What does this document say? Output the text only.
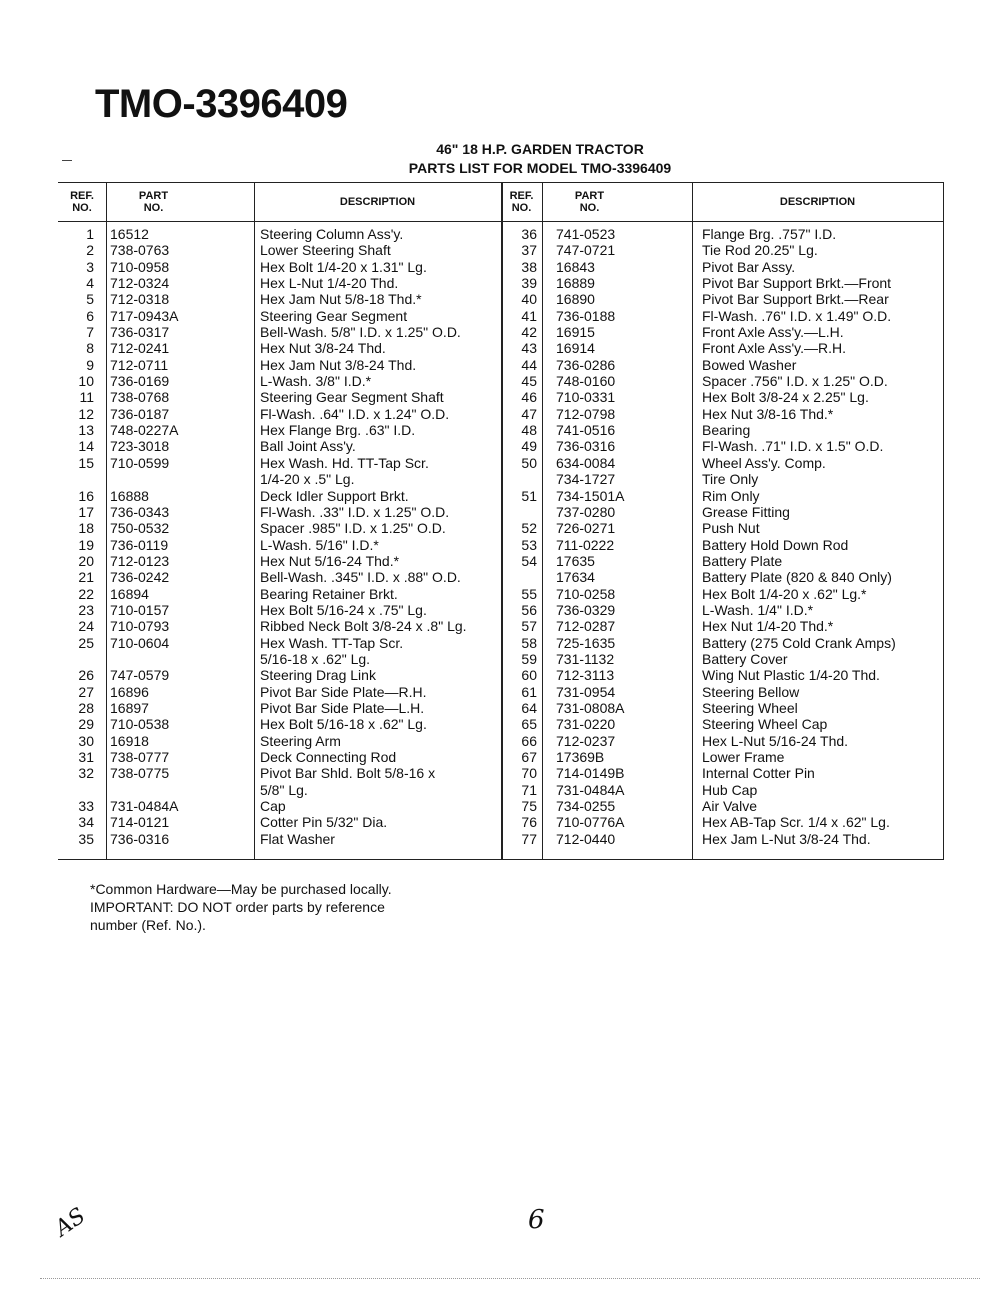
TMO-3396409
46" 18 H.P. GARDEN TRACTOR
PARTS LIST FOR MODEL TMO-3396409
REF.
NO.
PART
NO.	DESCRIPTION	REF.
NO.
PART
NO.	DESCRIPTION
1 16512	Steering Column Ass'y.
2 738-0763	Lower Steering Shaft
3 710-0958	Hex Bolt 1/4-20 x 1.31" Lg.
4 712-0324	Hex L-Nut 1/4-20 Thd.
5 712-0318	Hex Jam Nut 5/8-18 Thd.*
6 717-0943A	Steering Gear Segment
7 736-0317	Bell-Wash. 5/8" I.D. x 1.25" O.D.
8 712-0241	Hex Nut 3/8-24 Thd.
9 712-0711	Hex Jam Nut 3/8-24 Thd.
10 736-0169	L-Wash. 3/8" I.D.*
11 738-0768	Steering Gear Segment Shaft
12 736-0187	Fl-Wash. .64" I.D. x 1.24" O.D.
13 748-0227A	Hex Flange Brg. .63" I.D.
14 723-3018	Ball Joint Ass'y.
15 710-0599	Hex Wash. Hd. TT-Tap Scr.
1/4-20 x .5" Lg.
16 16888	Deck Idler Support Brkt.
17 736-0343	Fl-Wash. .33" I.D. x 1.25" O.D.
18 750-0532	Spacer .985" I.D. x 1.25" O.D.
19 736-0119	L-Wash. 5/16" I.D.*
20 712-0123	Hex Nut 5/16-24 Thd.*
21 736-0242	Bell-Wash. .345" I.D. x .88" O.D.
22 16894	Bearing Retainer Brkt.
23 710-0157	Hex Bolt 5/16-24 x .75" Lg.
24 710-0793	Ribbed Neck Bolt 3/8-24 x .8" Lg.
25 710-0604	Hex Wash. TT-Tap Scr.
5/16-18 x .62" Lg.
26 747-0579	Steering Drag Link
27 16896	Pivot Bar Side Plate—R.H.
28 16897	Pivot Bar Side Plate—L.H.
29 710-0538	Hex Bolt 5/16-18 x .62" Lg.
30 16918	Steering Arm
31 738-0777	Deck Connecting Rod
32 738-0775	Pivot Bar Shld. Bolt 5/8-16 x
5/8" Lg.
33 731-0484A	Cap
34 714-0121	Cotter Pin 5/32" Dia.
35 736-0316	Flat Washer
36 741-0523	Flange Brg. .757" I.D.
37 747-0721	Tie Rod 20.25" Lg.
38 16843	Pivot Bar Assy.
39 16889	Pivot Bar Support Brkt.—Front
40 16890	Pivot Bar Support Brkt.—Rear
41 736-0188	Fl-Wash. .76" I.D. x 1.49" O.D.
42 16915	Front Axle Ass'y.—L.H.
43 16914	Front Axle Ass'y.—R.H.
44 736-0286	Bowed Washer
45 748-0160	Spacer .756" I.D. x 1.25" O.D.
46 710-0331	Hex Bolt 3/8-24 x 2.25" Lg.
47 712-0798	Hex Nut 3/8-16 Thd.*
48 741-0516	Bearing
49 736-0316	Fl-Wash. .71" I.D. x 1.5" O.D.
50 634-0084	Wheel Ass'y. Comp.
734-1727	Tire Only
51 734-1501A	Rim Only
737-0280	Grease Fitting
52 726-0271	Push Nut
53 711-0222	Battery Hold Down Rod
54 17635	Battery Plate
17634	Battery Plate (820 & 840 Only)
55 710-0258	Hex Bolt 1/4-20 x .62" Lg.*
56 736-0329	L-Wash. 1/4" I.D.*
57 712-0287	Hex Nut 1/4-20 Thd.*
58 725-1635	Battery (275 Cold Crank Amps)
59 731-1132	Battery Cover
60 712-3113	Wing Nut Plastic 1/4-20 Thd.
61 731-0954	Steering Bellow
64 731-0808A	Steering Wheel
65 731-0220	Steering Wheel Cap
66 712-0237	Hex L-Nut 5/16-24 Thd.
67 17369B	Lower Frame
70 714-0149B	Internal Cotter Pin
71 731-0484A	Hub Cap
75 734-0255	Air Valve
76 710-0776A	Hex AB-Tap Scr. 1/4 x .62" Lg.
77 712-0440	Hex Jam L-Nut 3/8-24 Thd.
*Common Hardware—May be purchased locally.
IMPORTANT: DO NOT order parts by reference
number (Ref. No.).
AS	6
